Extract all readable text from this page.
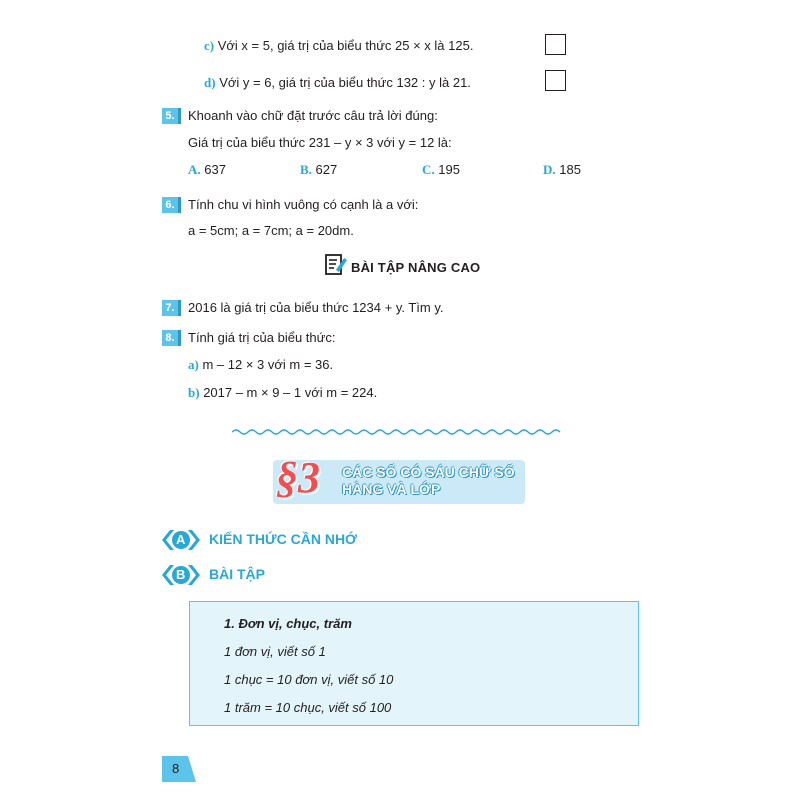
c) Với x = 5, giá trị của biểu thức 25 × x là 125.
d) Với y = 6, giá trị của biểu thức 132 : y là 21.
5. Khoanh vào chữ đặt trước câu trả lời đúng:
Giá trị của biểu thức 231 – y × 3 với y = 12 là:
A. 637	B. 627	C. 195	D. 185
6. Tính chu vi hình vuông có cạnh là a với:
a = 5cm; a = 7cm; a = 20dm.
BÀI TẬP NÂNG CAO
7. 2016 là giá trị của biểu thức 1234 + y. Tìm y.
8. Tính giá trị của biểu thức:
a) m – 12 × 3 với m = 36.
b) 2017 – m × 9 – 1 với m = 224.
§3 CÁC SỐ CÓ SÁU CHỮ SỐ
HÀNG VÀ LỚP
A KIẾN THỨC CẦN NHỚ
B BÀI TẬP
1. Đơn vị, chục, trăm
1 đơn vị, viết số 1
1 chục = 10 đơn vị, viết số 10
1 trăm = 10 chục, viết số 100
8
